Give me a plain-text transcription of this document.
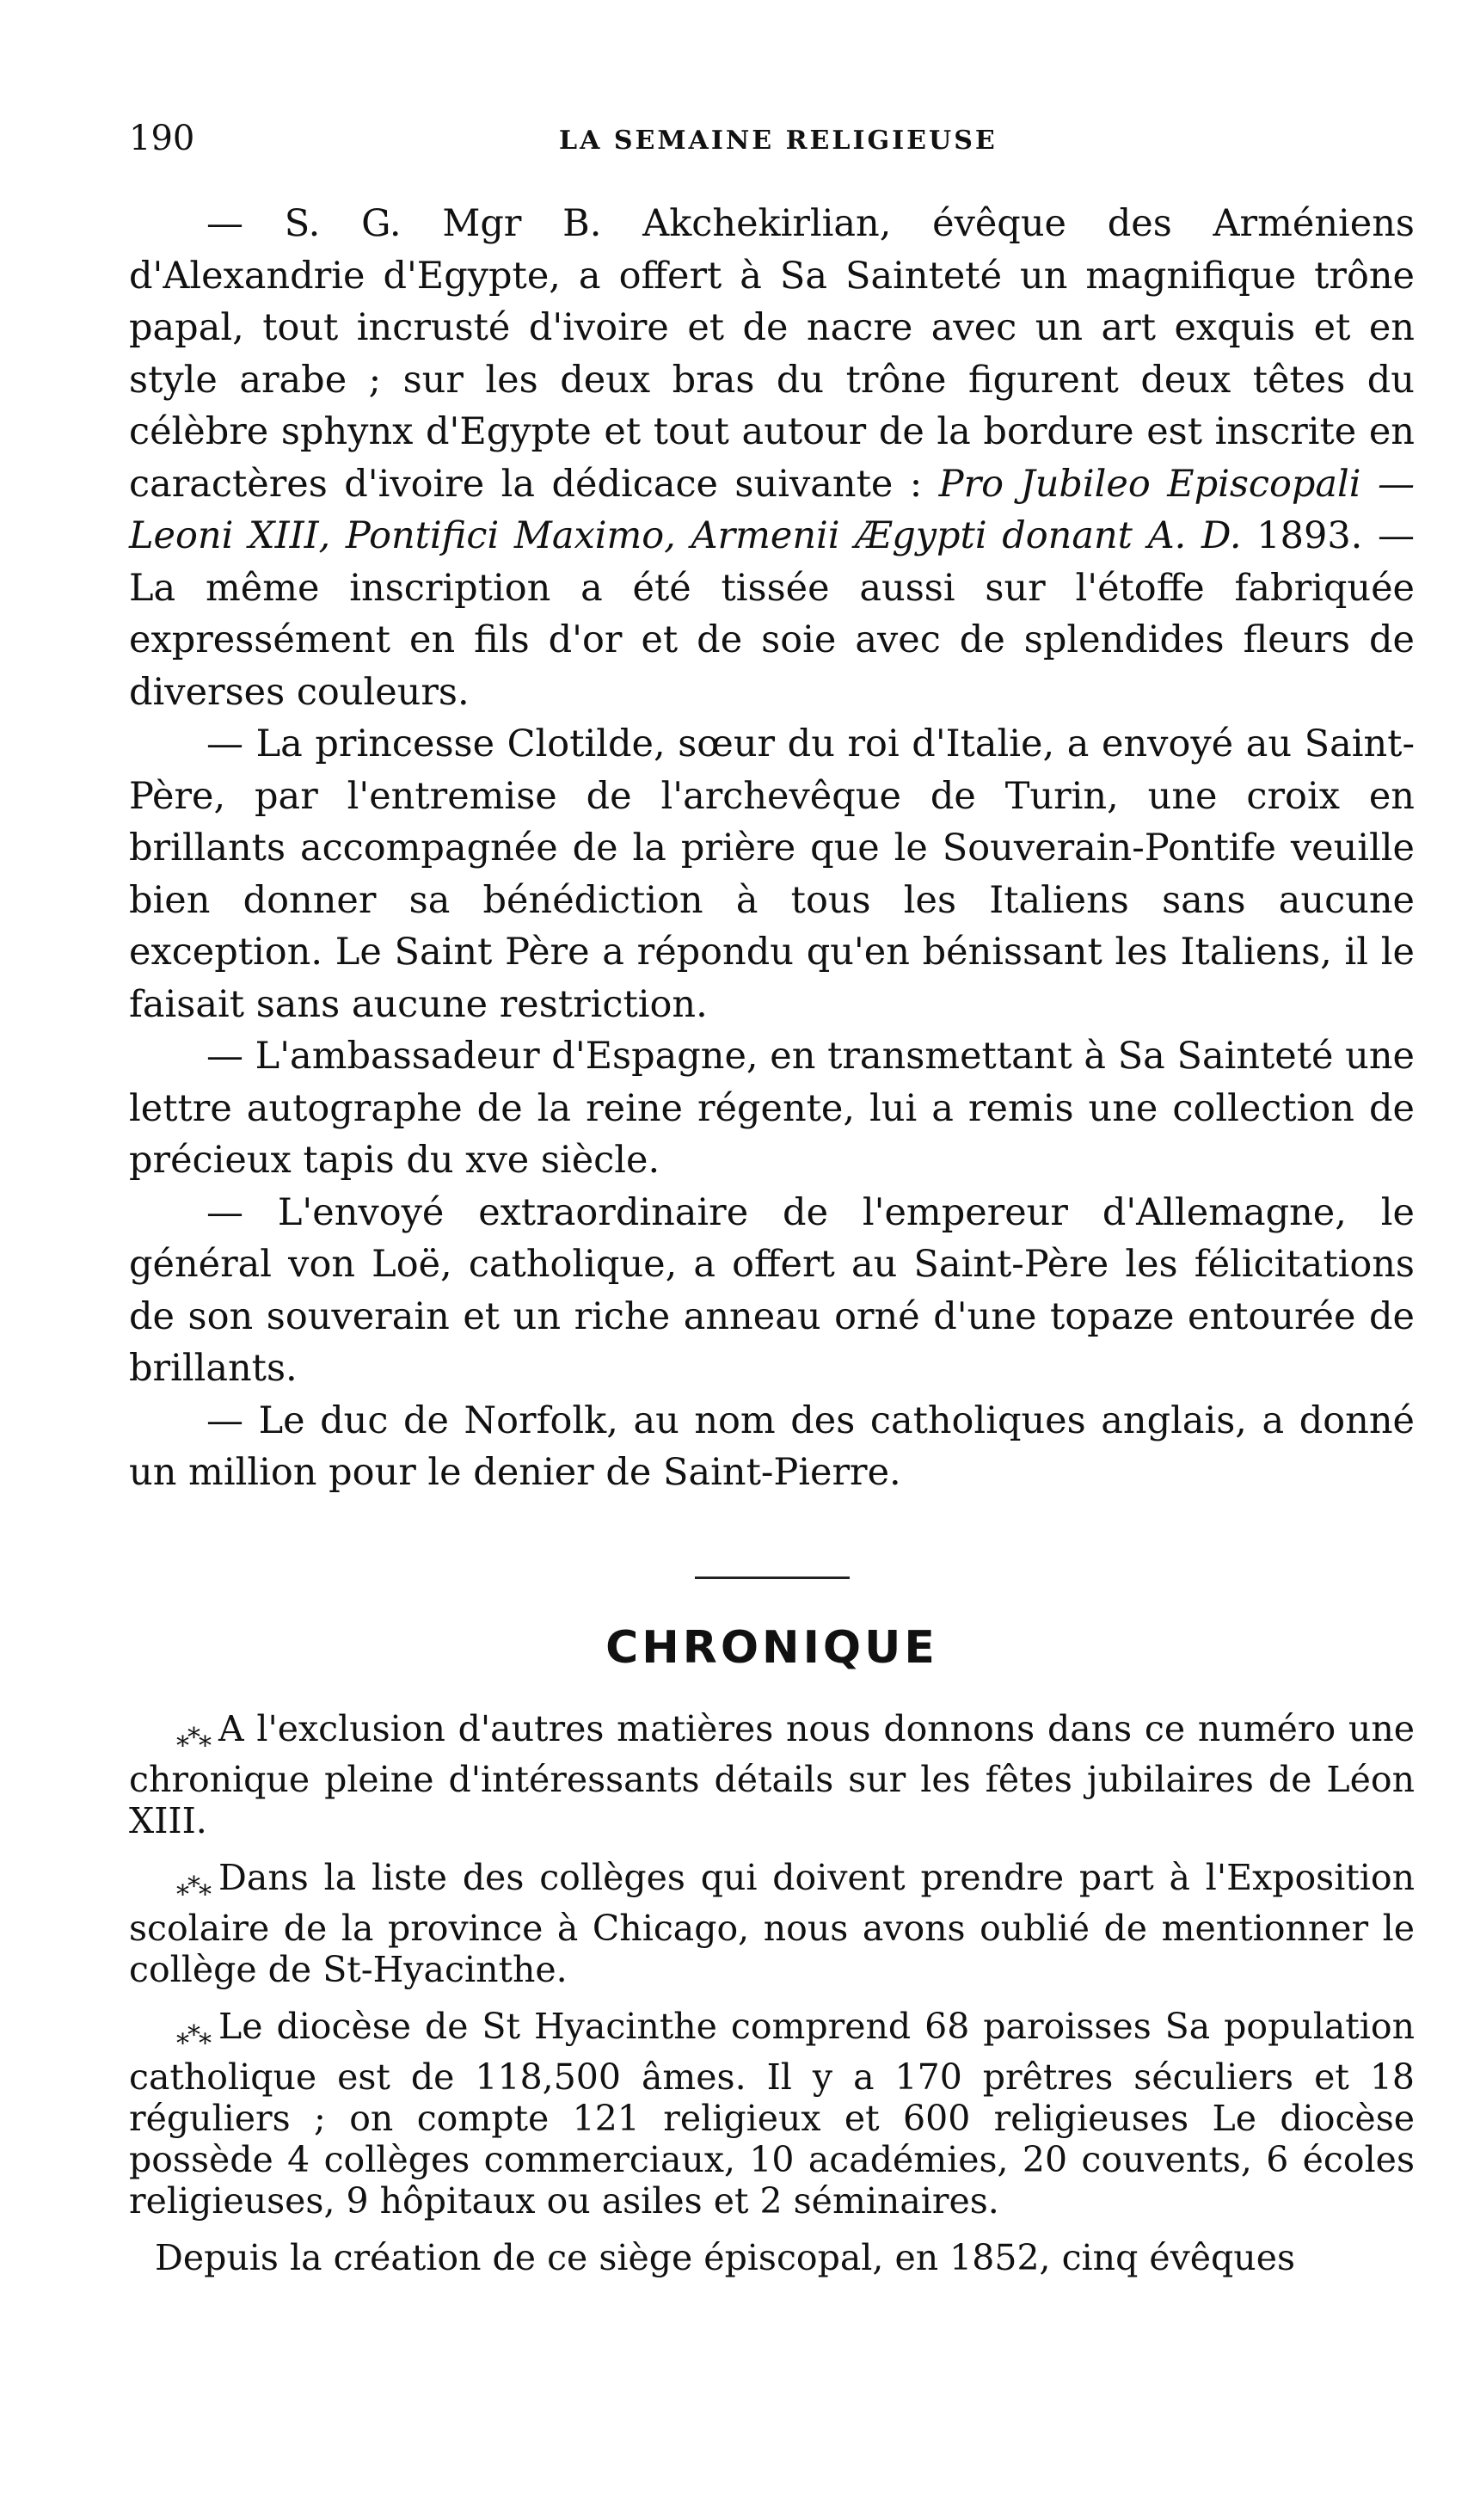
190	LA SEMAINE RELIGIEUSE

— S. G. Mgr B. Akchekirlian, évêque des Arméniens d'Alexandrie d'Egypte, a offert à Sa Sainteté un magnifique trône papal, tout incrusté d'ivoire et de nacre avec un art exquis et en style arabe ; sur les deux bras du trône figurent deux têtes du célèbre sphynx d'Egypte et tout autour de la bordure est inscrite en caractères d'ivoire la dédicace suivante : Pro Jubileo Episcopali — Leoni XIII, Pontifici Maximo, Armenii Ægypti donant A. D. 1893. — La même inscription a été tissée aussi sur l'étoffe fabriquée expressément en fils d'or et de soie avec de splendides fleurs de diverses couleurs.

— La princesse Clotilde, sœur du roi d'Italie, a envoyé au Saint-Père, par l'entremise de l'archevêque de Turin, une croix en brillants accompagnée de la prière que le Souverain-Pontife veuille bien donner sa bénédiction à tous les Italiens sans aucune exception. Le Saint Père a répondu qu'en bénissant les Italiens, il le faisait sans aucune restriction.

— L'ambassadeur d'Espagne, en transmettant à Sa Sainteté une lettre autographe de la reine régente, lui a remis une collection de précieux tapis du xve siècle.

— L'envoyé extraordinaire de l'empereur d'Allemagne, le général von Loë, catholique, a offert au Saint-Père les félicitations de son souverain et un riche anneau orné d'une topaze entourée de brillants.

— Le duc de Norfolk, au nom des catholiques anglais, a donné un million pour le denier de Saint-Pierre.

CHRONIQUE

⁎*⁎ A l'exclusion d'autres matières nous donnons dans ce numéro une chronique pleine d'intéressants détails sur les fêtes jubilaires de Léon XIII.

⁎*⁎ Dans la liste des collèges qui doivent prendre part à l'Exposition scolaire de la province à Chicago, nous avons oublié de mentionner le collège de St-Hyacinthe.

⁎*⁎ Le diocèse de St Hyacinthe comprend 68 paroisses Sa population catholique est de 118,500 âmes. Il y a 170 prêtres séculiers et 18 réguliers ; on compte 121 religieux et 600 religieuses Le diocèse possède 4 collèges commerciaux, 10 académies, 20 couvents, 6 écoles religieuses, 9 hôpitaux ou asiles et 2 séminaires.

Depuis la création de ce siège épiscopal, en 1852, cinq évêques
